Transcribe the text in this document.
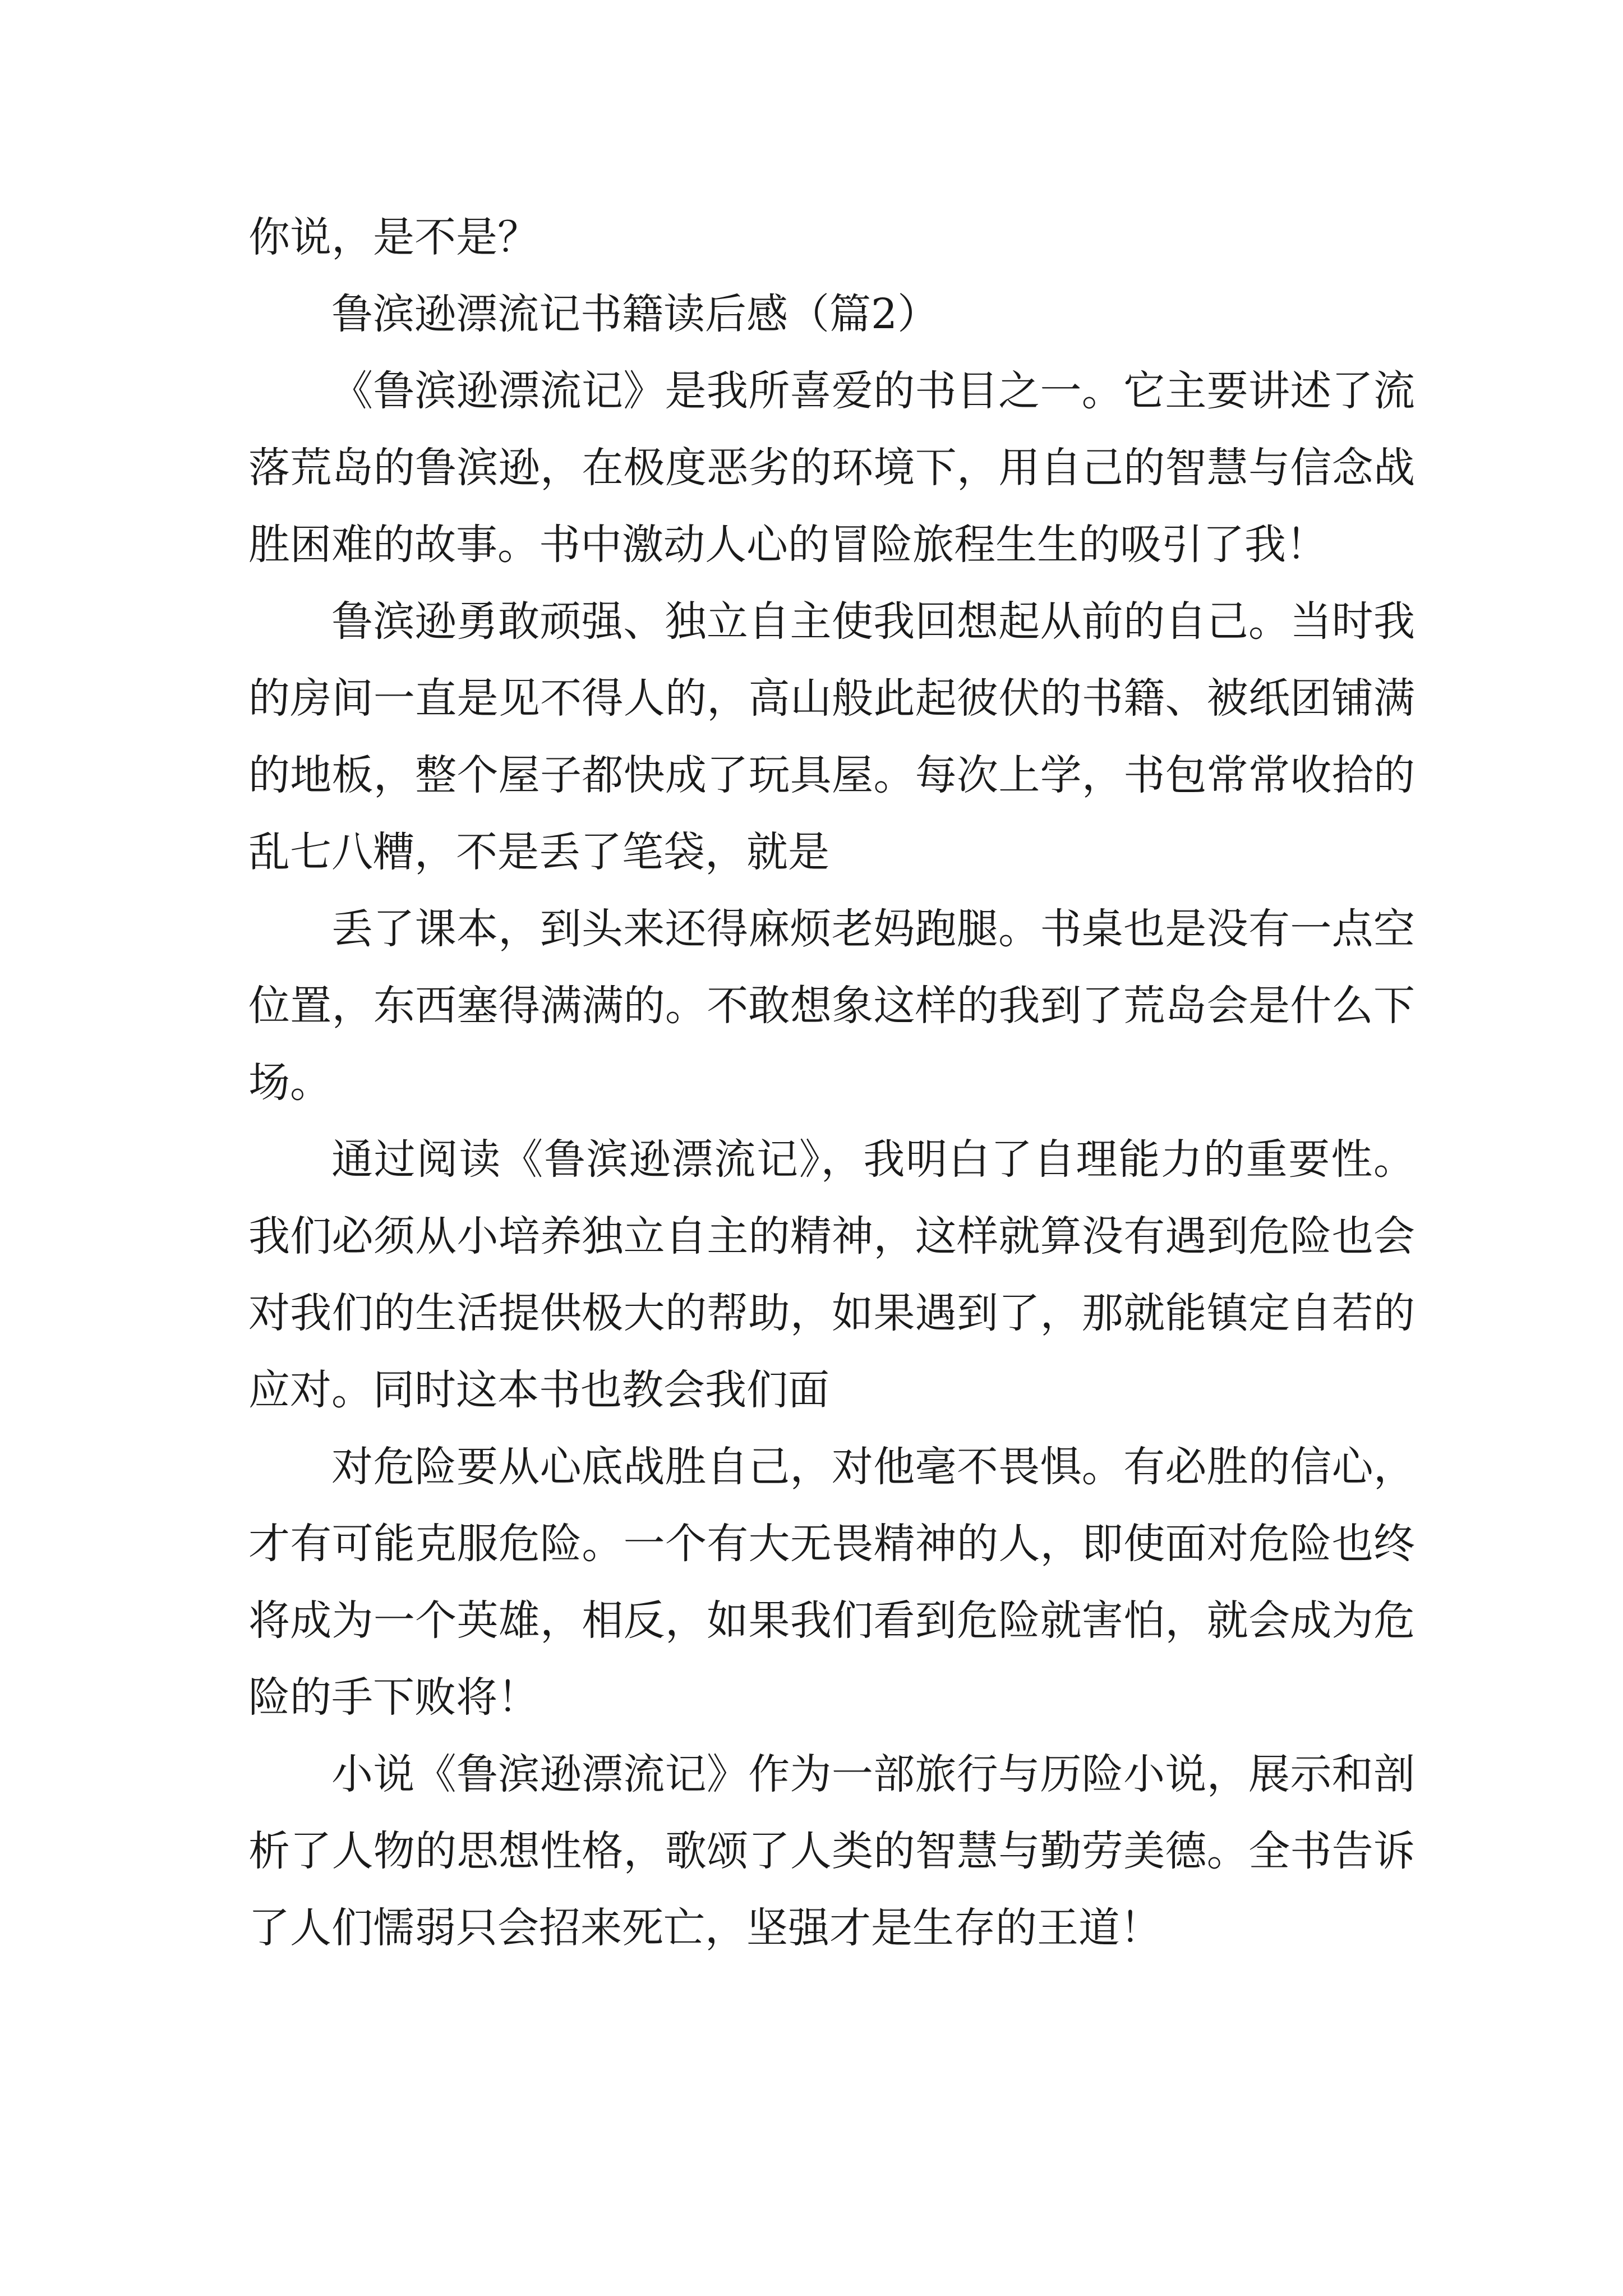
你说，是不是？

鲁滨逊漂流记书籍读后感（篇2）

《鲁滨逊漂流记》是我所喜爱的书目之一。它主要讲述了流落荒岛的鲁滨逊，在极度恶劣的环境下，用自己的智慧与信念战胜困难的故事。书中激动人心的冒险旅程生生的吸引了我！

鲁滨逊勇敢顽强、独立自主使我回想起从前的自己。当时我的房间一直是见不得人的，高山般此起彼伏的书籍、被纸团铺满的地板，整个屋子都快成了玩具屋。每次上学，书包常常收拾的乱七八糟，不是丢了笔袋，就是

丢了课本，到头来还得麻烦老妈跑腿。书桌也是没有一点空位置，东西塞得满满的。不敢想象这样的我到了荒岛会是什么下场。

通过阅读《鲁滨逊漂流记》，我明白了自理能力的重要性。我们必须从小培养独立自主的精神，这样就算没有遇到危险也会对我们的生活提供极大的帮助，如果遇到了，那就能镇定自若的应对。同时这本书也教会我们面

对危险要从心底战胜自己，对他毫不畏惧。有必胜的信心，才有可能克服危险。一个有大无畏精神的人，即使面对危险也终将成为一个英雄，相反，如果我们看到危险就害怕，就会成为危险的手下败将！

小说《鲁滨逊漂流记》作为一部旅行与历险小说，展示和剖析了人物的思想性格，歌颂了人类的智慧与勤劳美德。全书告诉了人们懦弱只会招来死亡，坚强才是生存的王道！
